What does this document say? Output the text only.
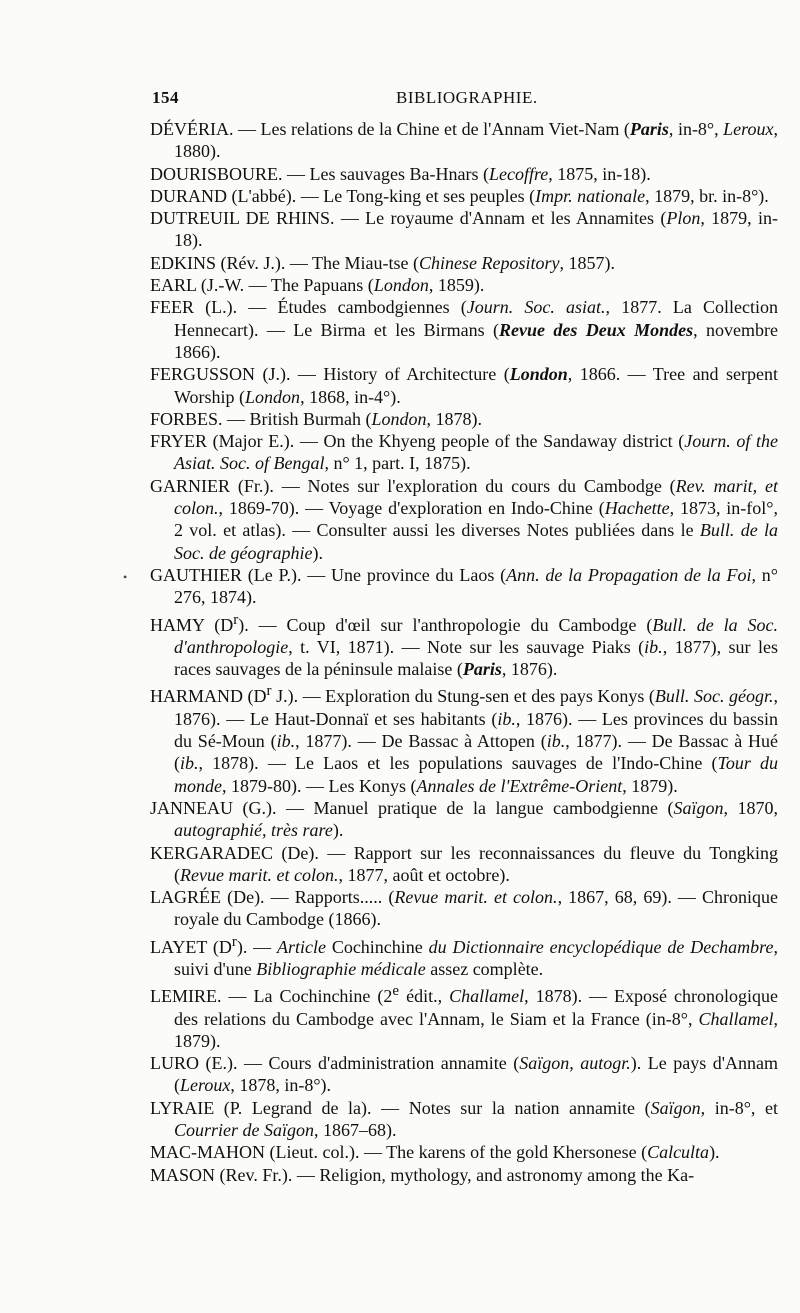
154	BIBLIOGRAPHIE.
•

DÉVÉRIA. — Les relations de la Chine et de l'Annam Viet-Nam (Paris, in-8°, Leroux, 1880).

DOURISBOURE. — Les sauvages Ba-Hnars (Lecoffre, 1875, in-18).

DURAND (L'abbé). — Le Tong-king et ses peuples (Impr. nationale, 1879, br. in-8°).

DUTREUIL DE RHINS. — Le royaume d'Annam et les Annamites (Plon, 1879, in-18).

EDKINS (Rév. J.). — The Miau-tse (Chinese Repository, 1857).

EARL (J.-W. — The Papuans (London, 1859).

FEER (L.). — Études cambodgiennes (Journ. Soc. asiat., 1877. La Collection Hennecart). — Le Birma et les Birmans (Revue des Deux Mondes, novembre 1866).

FERGUSSON (J.). — History of Architecture (London, 1866. — Tree and serpent Worship (London, 1868, in-4°).

FORBES. — British Burmah (London, 1878).

FRYER (Major E.). — On the Khyeng people of the Sandaway district (Journ. of the Asiat. Soc. of Bengal, n° 1, part. I, 1875).

GARNIER (Fr.). — Notes sur l'exploration du cours du Cambodge (Rev. marit, et colon., 1869-70). — Voyage d'exploration en Indo-Chine (Hachette, 1873, in-fol°, 2 vol. et atlas). — Consulter aussi les diverses Notes publiées dans le Bull. de la Soc. de géographie).

GAUTHIER (Le P.). — Une province du Laos (Ann. de la Propagation de la Foi, n° 276, 1874).

HAMY $(D^r)$. — Coup d'œil sur l'anthropologie du Cambodge (Bull. de la Soc. d'anthropologie, t. VI, 1871). — Note sur les sauvage Piaks (ib., 1877), sur les races sauvages de la péninsule malaise (Paris, 1876).

HARMAND ($D^r$ J.). — Exploration du Stung-sen et des pays Konys (Bull. Soc. géogr., 1876). — Le Haut-Donnaï et ses habitants (ib., 1876). — Les provinces du bassin du Sé-Moun (ib., 1877). — De Bassac à Attopen (ib., 1877). — De Bassac à Hué (ib., 1878). — Le Laos et les populations sauvages de l'Indo-Chine (Tour du monde, 1879-80). — Les Konys (Annales de l'Extrême-Orient, 1879).

JANNEAU (G.). — Manuel pratique de la langue cambodgienne (Saïgon, 1870, autographié, très rare).

KERGARADEC (De). — Rapport sur les reconnaissances du fleuve du Tongking (Revue marit. et colon., 1877, août et octobre).

LAGRÉE (De). — Rapports..... (Revue marit. et colon., 1867, 68, 69). — Chronique royale du Cambodge (1866).

LAYET $(D^r)$. — Article Cochinchine du Dictionnaire encyclopédique de Dechambre, suivi d'une Bibliographie médicale assez complète.

LEMIRE. — La Cochinchine (2e édit., Challamel, 1878). — Exposé chronologique des relations du Cambodge avec l'Annam, le Siam et la France (in-8°, Challamel, 1879).

LURO (E.). — Cours d'administration annamite (Saïgon, autogr.). Le pays d'Annam (Leroux, 1878, in-8°).

LYRAIE (P. Legrand de la). — Notes sur la nation annamite (Saïgon, in-8°, et Courrier de Saïgon, 1867–68).

MAC-MAHON (Lieut. col.). — The karens of the gold Khersonese (Calculta).

MASON (Rev. Fr.). — Religion, mythology, and astronomy among the Ka-
